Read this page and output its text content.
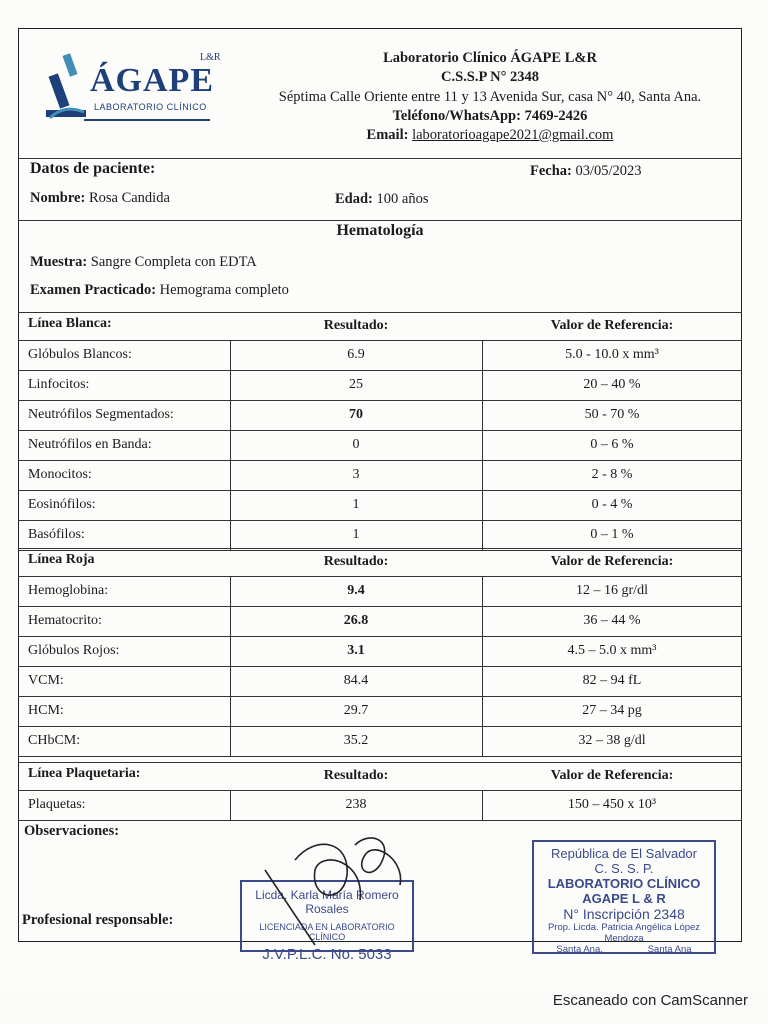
ÁGAPE
L&R
LABORATORIO CLÍNICO
Laboratorio Clínico ÁGAPE L&R
C.S.S.P N° 2348
Séptima Calle Oriente entre 11 y 13 Avenida Sur, casa N° 40, Santa Ana.
Teléfono/WhatsApp: 7469-2426
Email: laboratorioagape2021@gmail.com
Datos de paciente:	Fecha: 03/05/2023
Nombre: Rosa Candida	Edad: 100 años
Hematología
Muestra: Sangre Completa con EDTA
Examen Practicado: Hemograma completo
Línea Blanca:	Resultado:	Valor de Referencia:
Glóbulos Blancos:	6.9	5.0 - 10.0 x mm³
Linfocitos:	25	20 – 40 %
Neutrófilos Segmentados:	70	50 - 70 %
Neutrófilos en Banda:	0	0 – 6 %
Monocitos:	3	2 - 8 %
Eosinófilos:	1	0 - 4 %
Basófilos:	1	0 – 1 %
Línea Roja	Resultado:	Valor de Referencia:
Hemoglobina:	9.4	12 – 16 gr/dl
Hematocrito:	26.8	36 – 44 %
Glóbulos Rojos:	3.1	4.5 – 5.0 x mm³
VCM:	84.4	82 – 94 fL
HCM:	29.7	27 – 34 pg
CHbCM:	35.2	32 – 38 g/dl
Línea Plaquetaria:	Resultado:	Valor de Referencia:
Plaquetas:	238	150 – 450 x 10³
Observaciones:
Profesional responsable:
Licda. Karla María Romero Rosales
LICENCIADA EN LABORATORIO CLÍNICO
J.V.P.L.C. No. 5033
República de El Salvador
C. S. S. P.
LABORATORIO CLÍNICO
AGAPE L & R
N° Inscripción 2348
Prop. Licda. Patricia Angélica López Mendoza
Santa Ana,	Santa Ana
Escaneado con CamScanner
